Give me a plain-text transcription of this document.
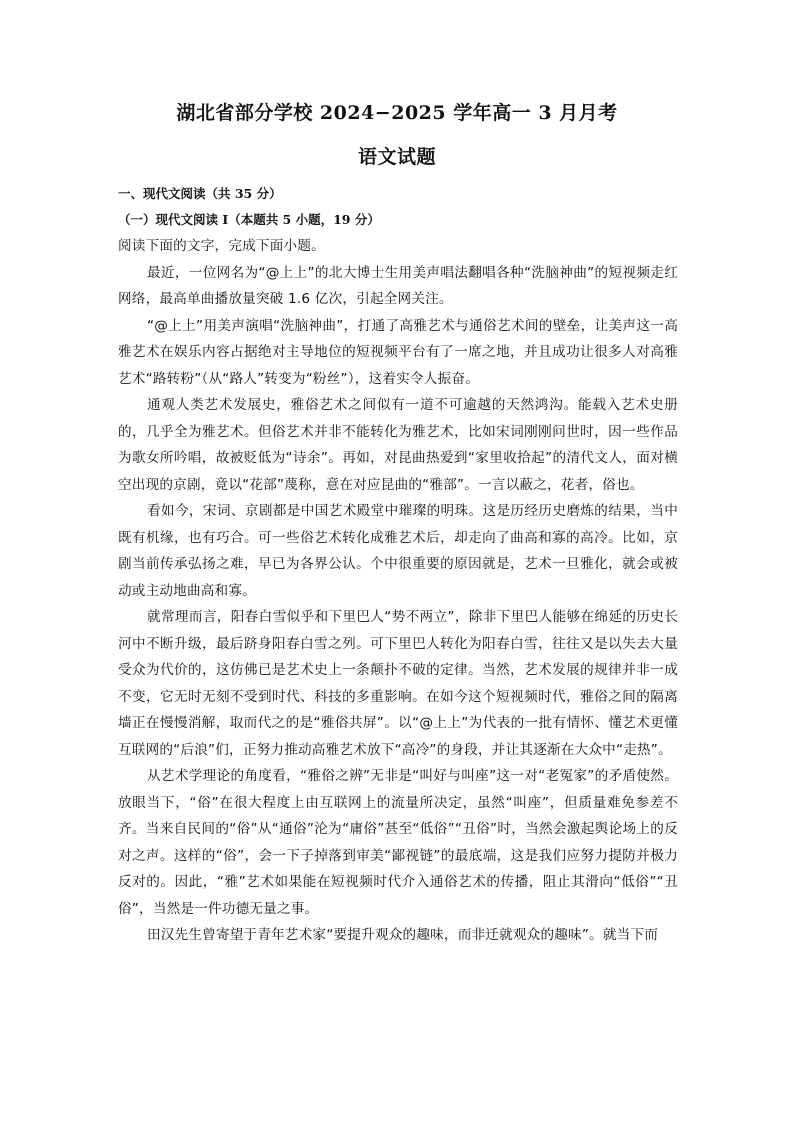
湖北省部分学校 2024−2025 学年高一 3 月月考
语文试题
一、现代文阅读（共 35 分）
（一）现代文阅读 I（本题共 5 小题，19 分）

阅读下面的文字，完成下面小题。

最近，一位网名为“@上上”的北大博士生用美声唱法翻唱各种“洗脑神曲”的短视频走红网络，最高单曲播放量突破 1.6 亿次，引起全网关注。

“@上上”用美声演唱“洗脑神曲”，打通了高雅艺术与通俗艺术间的壁垒，让美声这一高雅艺术在娱乐内容占据绝对主导地位的短视频平台有了一席之地，并且成功让很多人对高雅艺术“路转粉”（从“路人”转变为“粉丝”），这着实令人振奋。

通观人类艺术发展史，雅俗艺术之间似有一道不可逾越的天然鸿沟。能载入艺术史册的，几乎全为雅艺术。但俗艺术并非不能转化为雅艺术，比如宋词刚刚问世时，因一些作品为歌女所吟唱，故被贬低为“诗余”。再如，对昆曲热爱到“家里收拾起”的清代文人，面对横空出现的京剧，竟以“花部”蔑称，意在对应昆曲的“雅部”。一言以蔽之，花者，俗也。

看如今，宋词、京剧都是中国艺术殿堂中璀璨的明珠。这是历经历史磨炼的结果，当中既有机缘，也有巧合。可一些俗艺术转化成雅艺术后，却走向了曲高和寡的高冷。比如，京剧当前传承弘扬之难，早已为各界公认。个中很重要的原因就是，艺术一旦雅化，就会或被动或主动地曲高和寡。

就常理而言，阳春白雪似乎和下里巴人“势不两立”，除非下里巴人能够在绵延的历史长河中不断升级，最后跻身阳春白雪之列。可下里巴人转化为阳春白雪，往往又是以失去大量受众为代价的，这仿佛已是艺术史上一条颠扑不破的定律。当然，艺术发展的规律并非一成不变，它无时无刻不受到时代、科技的多重影响。在如今这个短视频时代，雅俗之间的隔离墙正在慢慢消解，取而代之的是“雅俗共屏”。以“@上上”为代表的一批有情怀、懂艺术更懂互联网的“后浪”们，正努力推动高雅艺术放下“高冷”的身段，并让其逐渐在大众中“走热”。

从艺术学理论的角度看，“雅俗之辨”无非是“叫好与叫座”这一对“老冤家”的矛盾使然。放眼当下，“俗”在很大程度上由互联网上的流量所决定，虽然“叫座”，但质量难免参差不齐。当来自民间的“俗”从“通俗”沦为“庸俗”甚至“低俗”“丑俗”时，当然会激起舆论场上的反对之声。这样的“俗”，会一下子掉落到审美“鄙视链”的最底端，这是我们应努力提防并极力反对的。因此，“雅”艺术如果能在短视频时代介入通俗艺术的传播，阻止其滑向“低俗”“丑俗”，当然是一件功德无量之事。

田汉先生曾寄望于青年艺术家“要提升观众的趣味，而非迁就观众的趣味”。就当下而
